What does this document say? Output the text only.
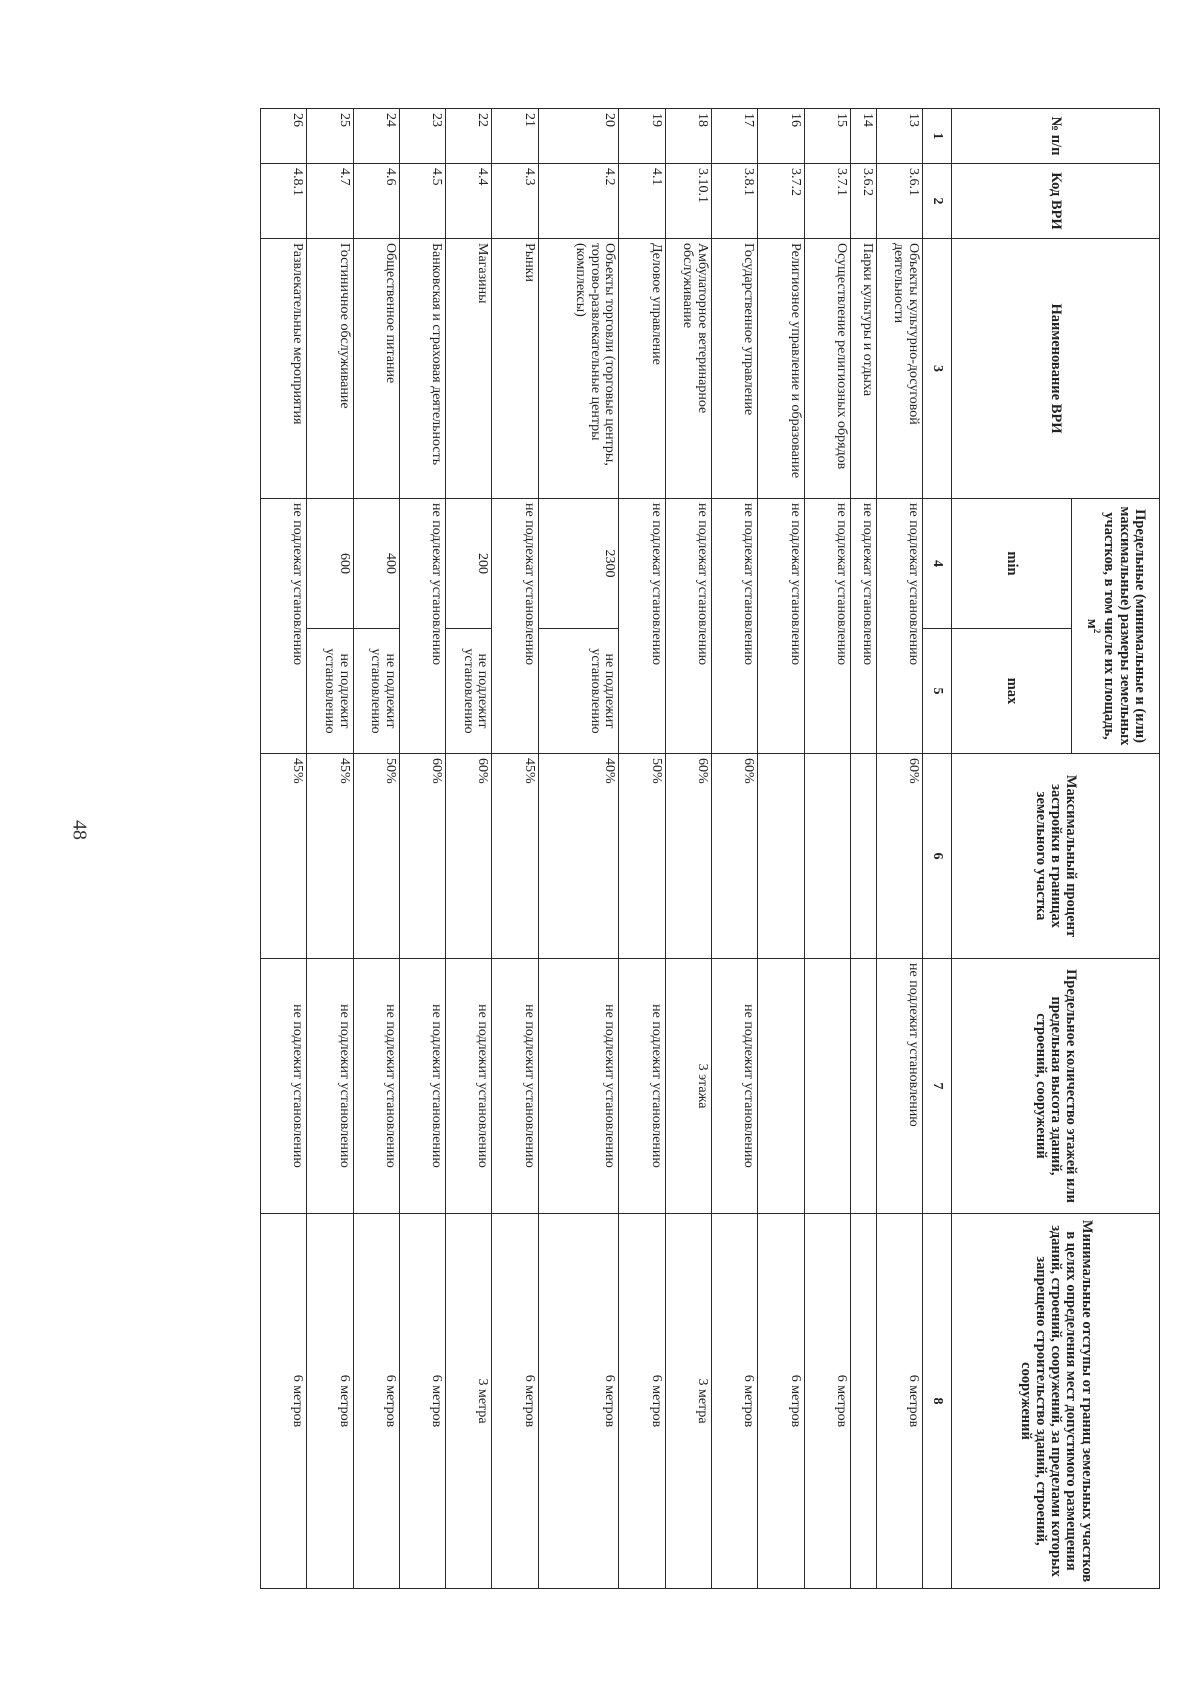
48
№ п/п	Код ВРИ	Наименование ВРИ	Предельные (минимальные и (или) максимальные) размеры земельных участков, в том числе их площадь, $м^2$		Максимальный процент застройки в границах земельного участка	Предельное количество этажей или предельная высота зданий, строений, сооружений	Минимальные отступы от границ земельных участков в целях определения мест допустимого размещения зданий, строений, сооружений, за пределами которых запрещено строительство зданий, строений, сооружений
			min	max			
1	2	3	4	5	6	7	8
13	3.6.1	Объекты культурно-досуговой деятельности	не подлежат установлению		60%	не подлежит установлению	6 метров
14	3.6.2	Парки культуры и отдыха	не подлежат установлению				
15	3.7.1	Осуществление религиозных обрядов	не подлежат установлению				6 метров
16	3.7.2	Религиозное управление и образование	не подлежат установлению				6 метров
17	3.8.1	Государственное управление	не подлежат установлению		60%	не подлежит установлению	6 метров
18	3.10.1	Амбулаторное ветеринарное обслуживание	не подлежат установлению		60%	3 этажа	3 метра
19	4.1	Деловое управление	не подлежат установлению		50%	не подлежит установлению	6 метров
20	4.2	Объекты торговли (торговые центры, торгово-развлекательные центры (комплексы)	2300	не подлежит установлению	40%	не подлежит установлению	6 метров
21	4.3	Рынки	не подлежат установлению		45%	не подлежит установлению	6 метров
22	4.4	Магазины	200	не подлежит установлению	60%	не подлежит установлению	3 метра
23	4.5	Банковская и страховая деятельность	не подлежат установлению		60%	не подлежит установлению	6 метров
24	4.6	Общественное питание	400	не подлежит установлению	50%	не подлежит установлению	6 метров
25	4.7	Гостиничное обслуживание	600	не подлежит установлению	45%	не подлежит установлению	6 метров
26	4.8.1	Развлекательные мероприятия	не подлежат установлению		45%	не подлежит установлению	6 метров
